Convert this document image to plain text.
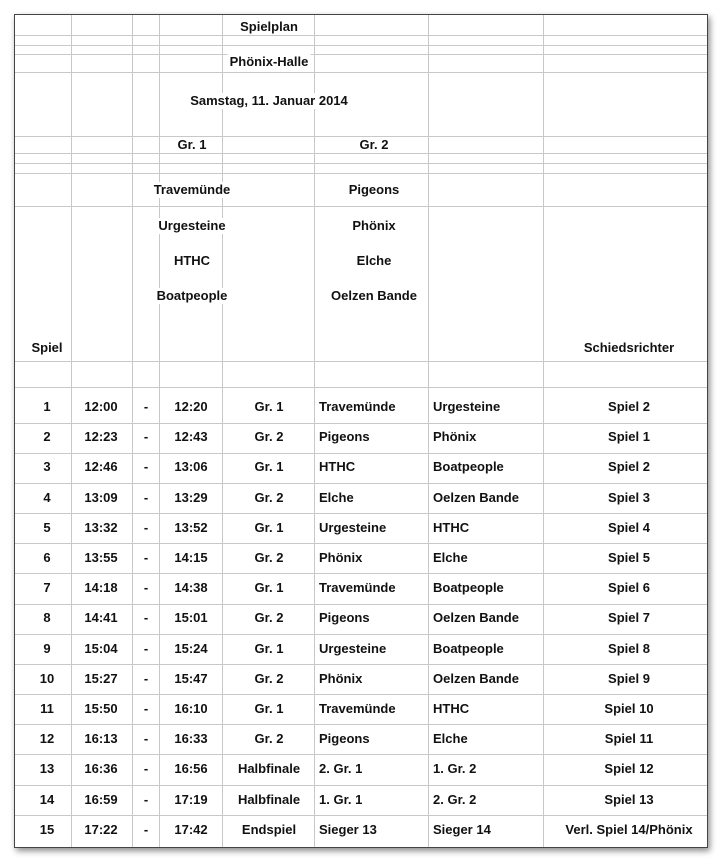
Spielplan
Phönix-Halle
Samstag, 11. Januar 2014
Gr. 1	Gr. 2
Travemünde
Urgesteine
HTHC
Boatpeople
Pigeons
Phönix
Elche
Oelzen Bande
Spiel	Schiedsrichter
1	12:00 - 12:20	Gr. 1	Travemünde	Urgesteine	Spiel 2
2	12:23 - 12:43	Gr. 2	Pigeons	Phönix	Spiel 1
3	12:46 - 13:06	Gr. 1	HTHC	Boatpeople	Spiel 2
4	13:09 - 13:29	Gr. 2	Elche	Oelzen Bande	Spiel 3
5	13:32 - 13:52	Gr. 1	Urgesteine	HTHC	Spiel 4
6	13:55 - 14:15	Gr. 2	Phönix	Elche	Spiel 5
7	14:18 - 14:38	Gr. 1	Travemünde	Boatpeople	Spiel 6
8	14:41 - 15:01	Gr. 2	Pigeons	Oelzen Bande	Spiel 7
9	15:04 - 15:24	Gr. 1	Urgesteine	Boatpeople	Spiel 8
10 15:27 - 15:47	Gr. 2	Phönix	Oelzen Bande	Spiel 9
11 15:50 - 16:10	Gr. 1	Travemünde	HTHC	Spiel 10
12 16:13 - 16:33	Gr. 2	Pigeons	Elche	Spiel 11
13 16:36 - 16:56 Halbfinale 2. Gr. 1	1. Gr. 2	Spiel 12
14 16:59 - 17:19 Halbfinale 1. Gr. 1	2. Gr. 2	Spiel 13
15 17:22 - 17:42	Endspiel Sieger 13	Sieger 14	Verl. Spiel 14/Phönix
